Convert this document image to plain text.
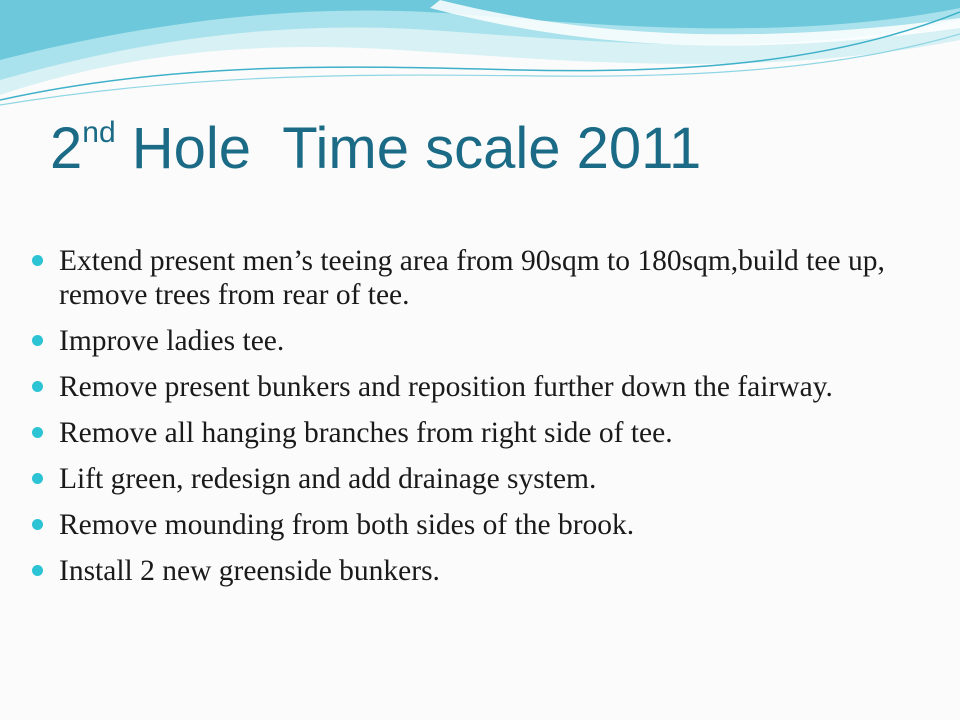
2nd Hole  Time scale 2011
Extend present men’s teeing area from 90sqm to 180sqm,build tee up, remove trees from rear of tee.
Improve ladies tee.
Remove present bunkers and reposition further down the fairway.
Remove all hanging branches from right side of tee.
Lift green, redesign and add drainage system.
Remove mounding from both sides of the brook.
Install 2 new greenside bunkers.
